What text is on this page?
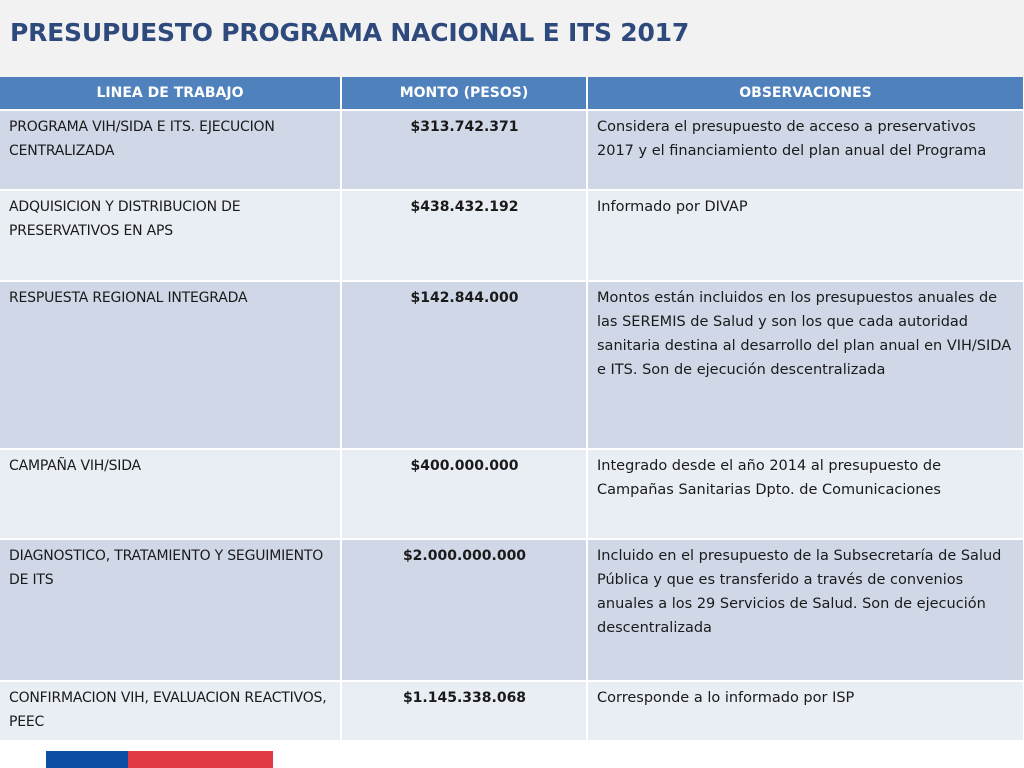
PRESUPUESTO PROGRAMA NACIONAL E ITS 2017
LINEA DE TRABAJO	MONTO (PESOS)	OBSERVACIONES
PROGRAMA VIH/SIDA E ITS. EJECUCION CENTRALIZADA	$313.742.371	Considera el presupuesto de acceso a preservativos 2017 y el financiamiento del plan anual del Programa
ADQUISICION Y DISTRIBUCION DE PRESERVATIVOS EN APS	$438.432.192	Informado por DIVAP
RESPUESTA REGIONAL INTEGRADA	$142.844.000	Montos están incluidos en los presupuestos anuales de las SEREMIS de Salud y son los que cada autoridad sanitaria destina al desarrollo del plan anual en VIH/SIDA e ITS. Son de ejecución descentralizada
CAMPAÑA VIH/SIDA	$400.000.000	Integrado desde el año 2014 al presupuesto de Campañas Sanitarias Dpto. de Comunicaciones
DIAGNOSTICO, TRATAMIENTO Y SEGUIMIENTO DE ITS	$2.000.000.000	Incluido en el presupuesto de la Subsecretaría de Salud Pública y que es transferido a través de convenios anuales a los 29 Servicios de Salud. Son de ejecución descentralizada
CONFIRMACION VIH, EVALUACION REACTIVOS, PEEC	$1.145.338.068	Corresponde a lo informado por ISP
